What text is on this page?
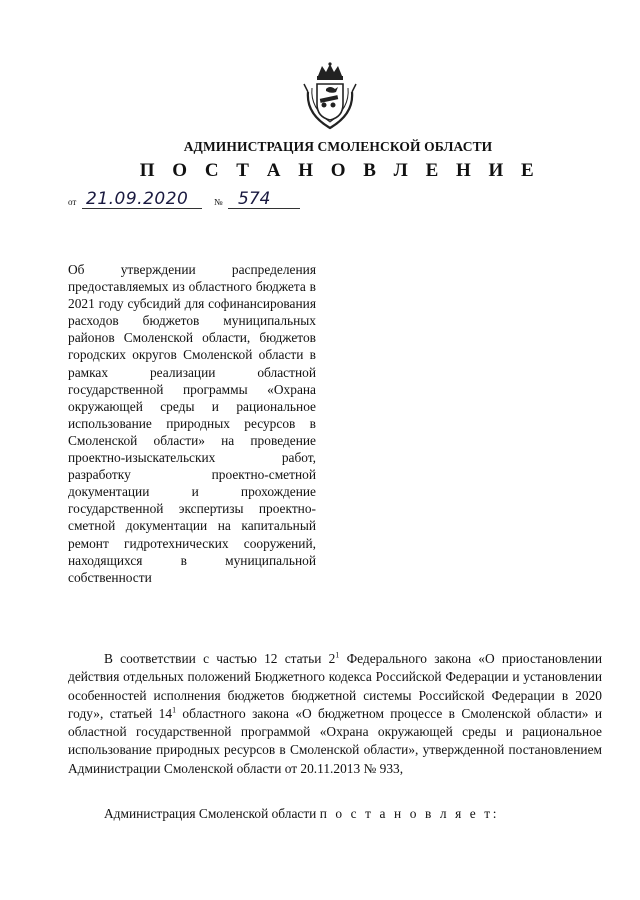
АДМИНИСТРАЦИЯ СМОЛЕНСКОЙ ОБЛАСТИ
П О С Т А Н О В Л Е Н И Е
от 21.09.2020	№ 574
Об утверждении распределения предоставляемых из областного бюджета в 2021 году субсидий для софинансирования расходов бюджетов муниципальных районов Смоленской области, бюджетов городских округов Смоленской области в рамках реализации областной государственной программы «Охрана окружающей среды и рациональное использование природных ресурсов в Смоленской области» на проведение проектно-изыскательских работ, разработку проектно-сметной документации и прохождение государственной экспертизы проектно-сметной документации на капитальный ремонт гидротехнических сооружений, находящихся в муниципальной собственности
В соответствии с частью 12 статьи $2^1$ Федерального закона «О приостановлении действия отдельных положений Бюджетного кодекса Российской Федерации и установлении особенностей исполнения бюджетов бюджетной системы Российской Федерации в 2020 году», статьей $14^1$ областного закона «О бюджетном процессе в Смоленской области» и областной государственной программой «Охрана окружающей среды и рациональное использование природных ресурсов в Смоленской области», утвержденной постановлением Администрации Смоленской области от 20.11.2013 № 933,
Администрация Смоленской области п о с т а н о в л я е т:
